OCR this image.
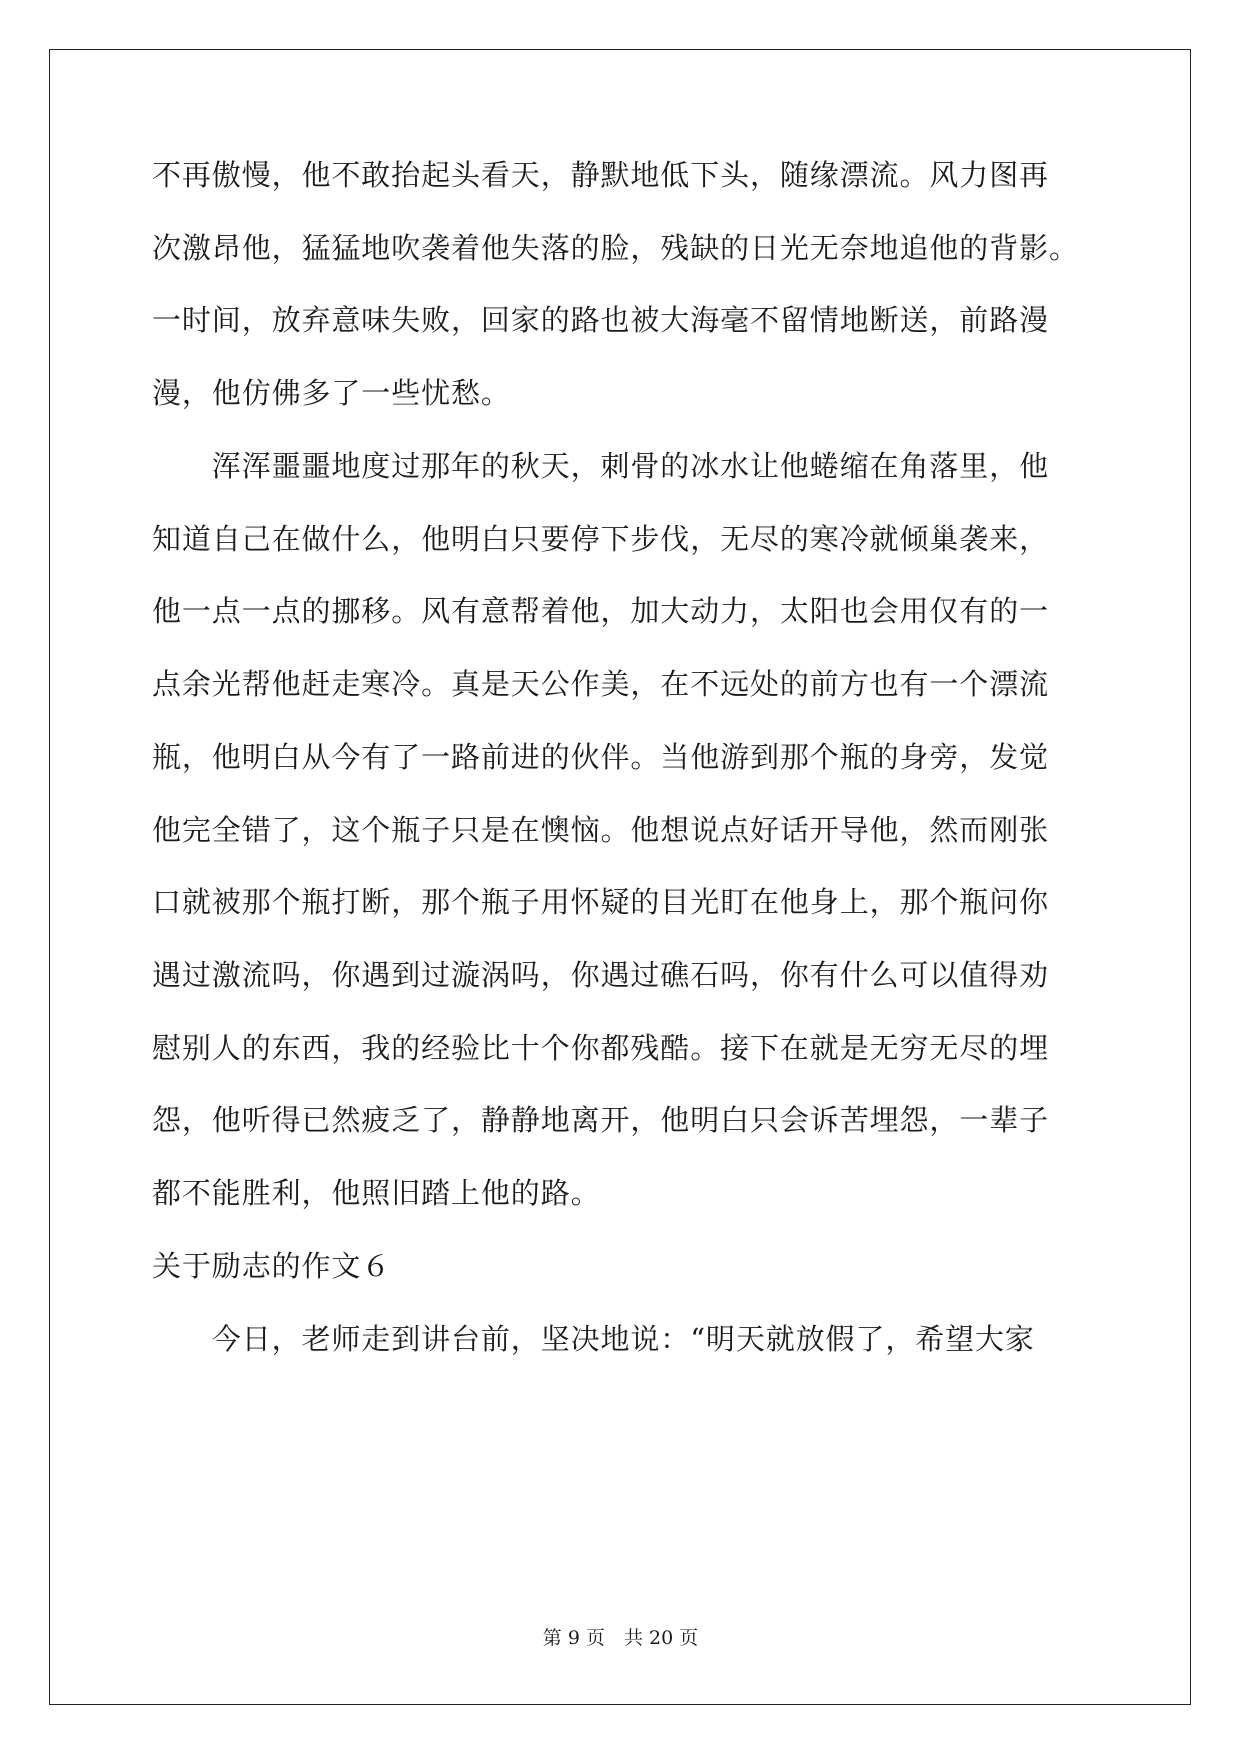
不再傲慢，他不敢抬起头看天，静默地低下头，随缘漂流。风力图再
次激昂他，猛猛地吹袭着他失落的脸，残缺的日光无奈地追他的背影。
一时间，放弃意味失败，回家的路也被大海毫不留情地断送，前路漫
漫，他仿佛多了一些忧愁。
　　浑浑噩噩地度过那年的秋天，刺骨的冰水让他蜷缩在角落里，他
知道自己在做什么，他明白只要停下步伐，无尽的寒冷就倾巢袭来，
他一点一点的挪移。风有意帮着他，加大动力，太阳也会用仅有的一
点余光帮他赶走寒冷。真是天公作美，在不远处的前方也有一个漂流
瓶，他明白从今有了一路前进的伙伴。当他游到那个瓶的身旁，发觉
他完全错了，这个瓶子只是在懊恼。他想说点好话开导他，然而刚张
口就被那个瓶打断，那个瓶子用怀疑的目光盯在他身上，那个瓶问你
遇过激流吗，你遇到过漩涡吗，你遇过礁石吗，你有什么可以值得劝
慰别人的东西，我的经验比十个你都残酷。接下在就是无穷无尽的埋
怨，他听得已然疲乏了，静静地离开，他明白只会诉苦埋怨，一辈子
都不能胜利，他照旧踏上他的路。
关于励志的作文６
　　今日，老师走到讲台前，坚决地说：“明天就放假了，希望大家
第 9 页　共 20 页
